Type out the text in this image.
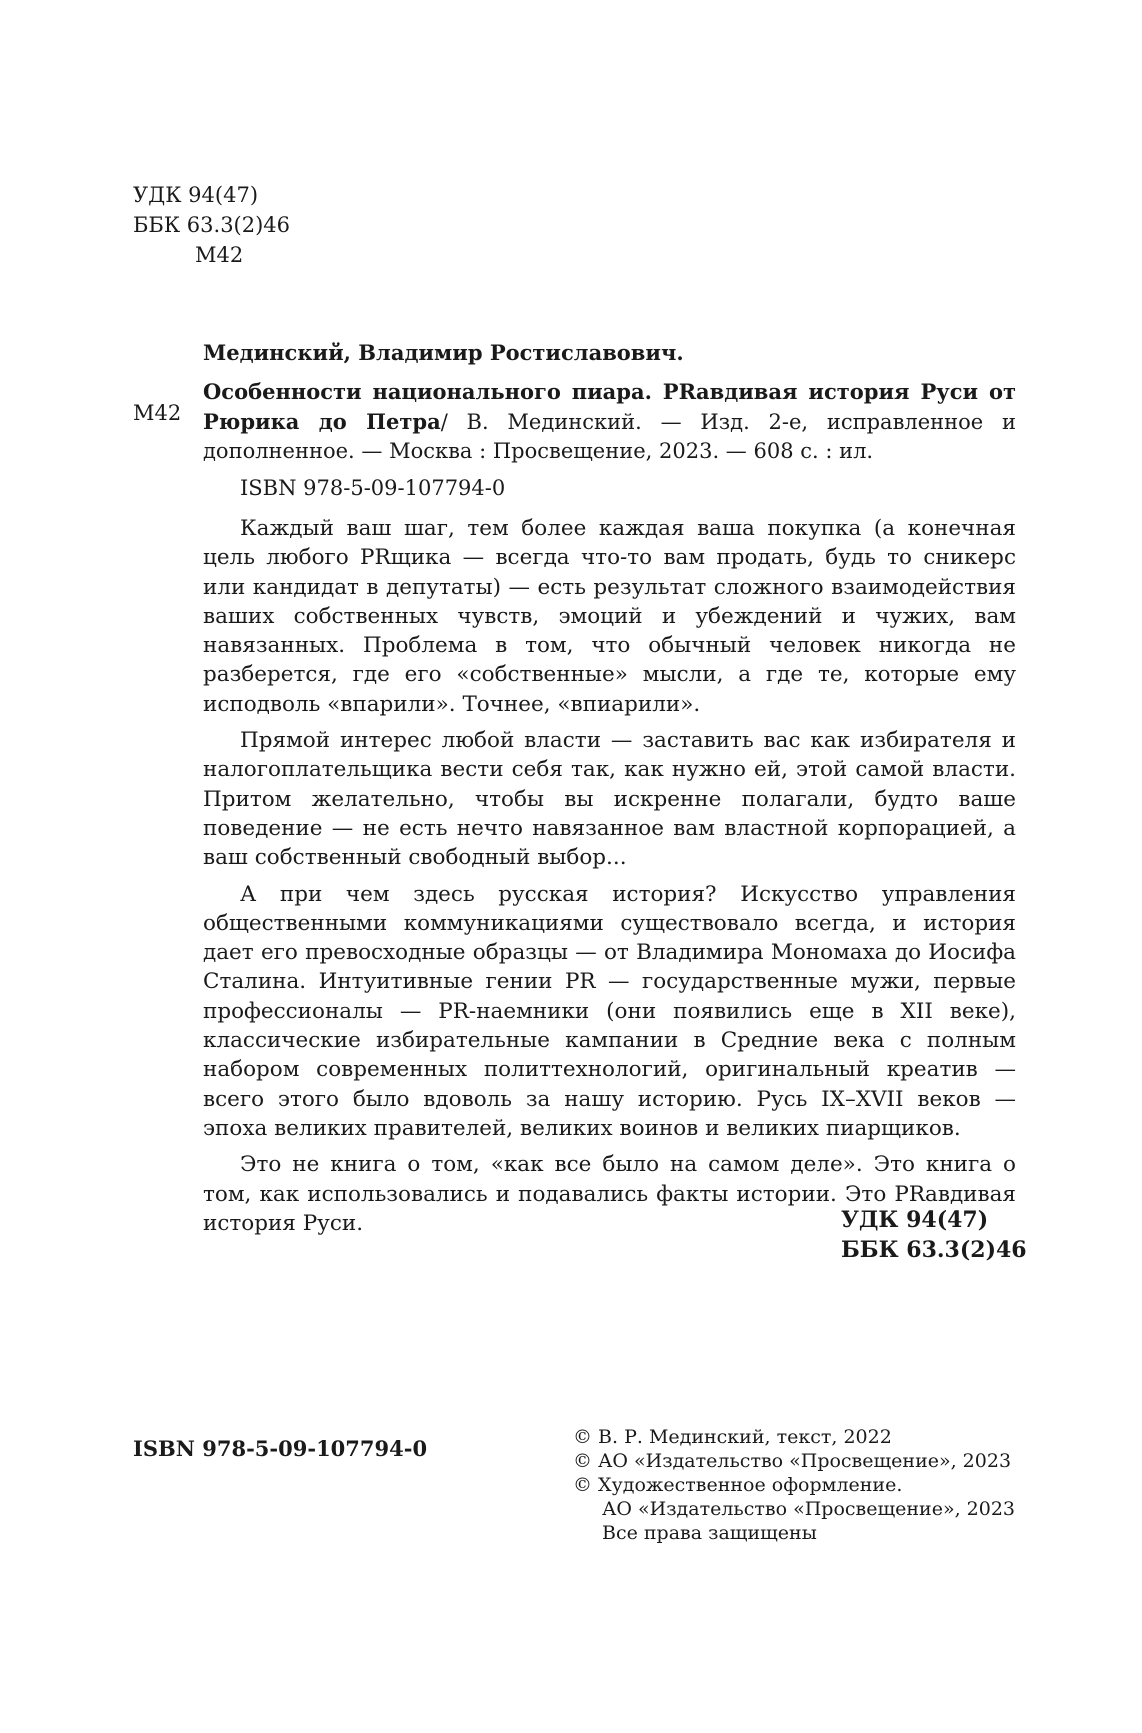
УДК 94(47)
ББК 63.3(2)46
М42
М42
Мединский, Владимир Ростиславович.

Особенности национального пиара. PRавдивая история Руси от Рюрика до Петра/ В. Мединский. — Изд. 2-е, исправленное и дополненное. — Москва : Просвещение, 2023. — 608 с. : ил.

ISBN 978-5-09-107794-0

Каждый ваш шаг, тем более каждая ваша покупка (а конечная цель любого PRщика — всегда что-то вам продать, будь то сникерс или кандидат в депутаты) — есть результат сложного взаимодействия ваших собственных чувств, эмоций и убеждений и чужих, вам навязанных. Проблема в том, что обычный человек никогда не разберется, где его «собственные» мысли, а где те, которые ему исподволь «впарили». Точнее, «впиарили».

Прямой интерес любой власти — заставить вас как избирателя и налогоплательщика вести себя так, как нужно ей, этой самой власти. Притом желательно, чтобы вы искренне полагали, будто ваше поведение — не есть нечто навязанное вам властной корпорацией, а ваш собственный свободный выбор...

А при чем здесь русская история? Искусство управления общественными коммуникациями существовало всегда, и история дает его превосходные образцы — от Владимира Мономаха до Иосифа Сталина. Интуитивные гении PR — государственные мужи, первые профессионалы — PR-наемники (они появились еще в XII веке), классические избирательные кампании в Средние века с полным набором современных политтехнологий, оригинальный креатив — всего этого было вдоволь за нашу историю. Русь IX–XVII веков — эпоха великих правителей, великих воинов и великих пиарщиков.

Это не книга о том, «как все было на самом деле». Это книга о том, как использовались и подавались факты истории. Это PRавдивая история Руси.	УДК 94(47)
ББК 63.3(2)46
ISBN 978-5-09-107794-0	© В. Р. Мединский, текст, 2022
© АО «Издательство «Просвещение», 2023
© Художественное оформление.
АО «Издательство «Просвещение», 2023
Все права защищены
